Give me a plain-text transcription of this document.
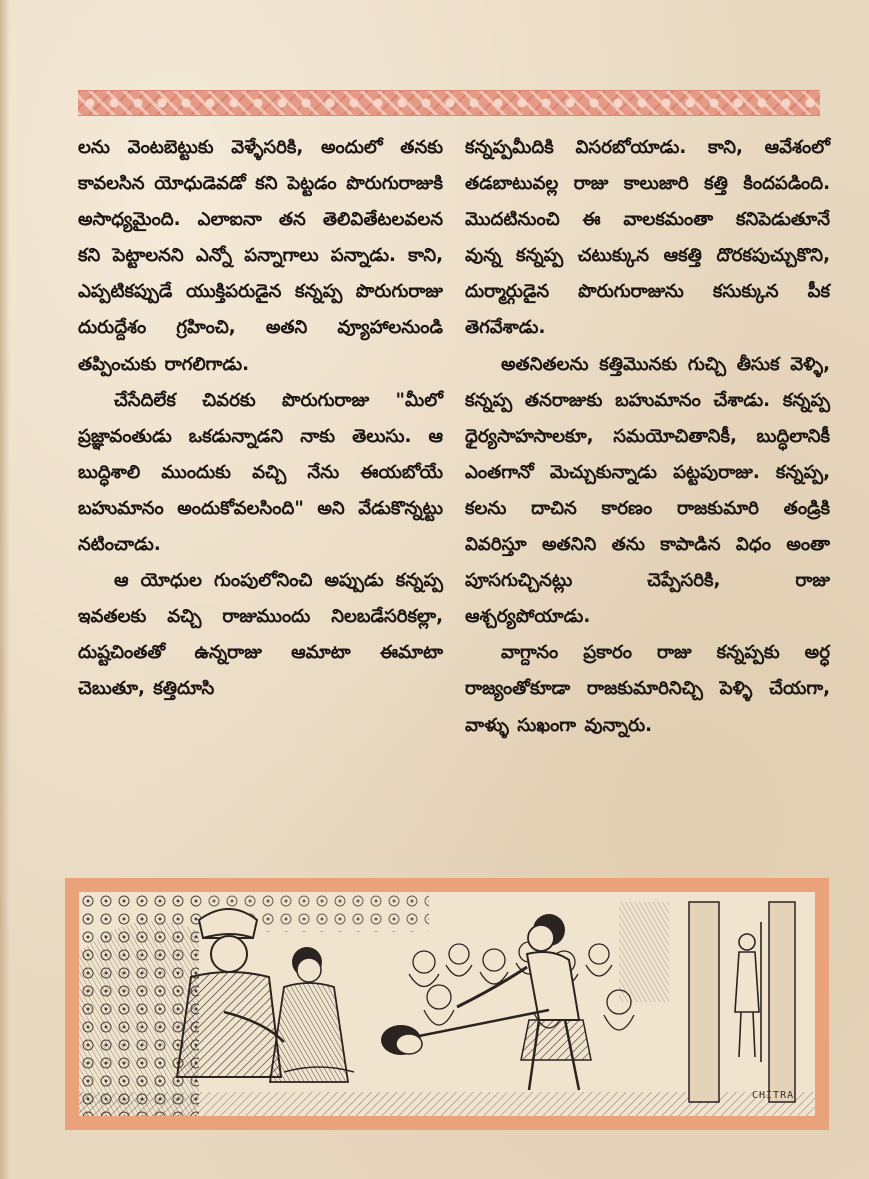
లను వెంటబెట్టుకు వెళ్ళేసరికి, అందులో తనకు కావలసిన యోధుడెవడో కని పెట్టడం పొరుగురాజుకి అసాధ్యమైంది. ఎలాఐనా తన తెలివితేటలవలన కని పెట్టాలనని ఎన్నో పన్నాగాలు పన్నాడు. కాని, ఎప్పటికప్పుడే యుక్తిపరుడైన కన్నప్ప పొరుగురాజు దురుద్దేశం గ్రహించి, అతని వ్యూహాలనుండి తప్పించుకు రాగలిగాడు.

చేసేదిలేక చివరకు పొరుగురాజు "మీలో ప్రజ్ఞావంతుడు ఒకడున్నాడని నాకు తెలుసు. ఆ బుద్ధిశాలి ముందుకు వచ్చి నేను ఈయబోయే బహుమానం అందుకోవలసింది" అని వేడుకొన్నట్టు నటించాడు.

ఆ యోధుల గుంపులోనించి అప్పుడు కన్నప్ప ఇవతలకు వచ్చి రాజుముందు నిలబడేసరికల్లా, దుష్టచింతతో ఉన్నరాజు ఆమాటా ఈమాటా చెబుతూ, కత్తిదూసి

కన్నప్పమీదికి విసరబోయాడు. కాని, ఆవేశంలో తడబాటువల్ల రాజు కాలుజారి కత్తి కిందపడింది. మొదటినుంచి ఈ వాలకమంతా కనిపెడుతూనే వున్న కన్నప్ప చటుక్కున ఆకత్తి దొరకపుచ్చుకొని, దుర్మార్గుడైన పొరుగురాజును కసుక్కున పీక తెగవేశాడు.

అతనితలను కత్తిమొనకు గుచ్చి తీసుక వెళ్ళి, కన్నప్ప తనరాజుకు బహుమానం చేశాడు. కన్నప్ప ధైర్యసాహసాలకూ, సమయోచితానికీ, బుద్ధిలానికీ ఎంతగానో మెచ్చుకున్నాడు పట్టపురాజు. కన్నప్ప, కలను దాచిన కారణం రాజకుమారి తండ్రికి వివరిస్తూ అతనిని తను కాపాడిన విధం అంతా పూసగుచ్చినట్లు చెప్పేసరికి, రాజు ఆశ్చర్యపోయాడు.

వాగ్దానం ప్రకారం రాజు కన్నప్పకు అర్ధ రాజ్యంతోకూడా రాజకుమారినిచ్చి పెళ్ళి చేయగా, వాళ్ళు సుఖంగా వున్నారు.

CHITRA
